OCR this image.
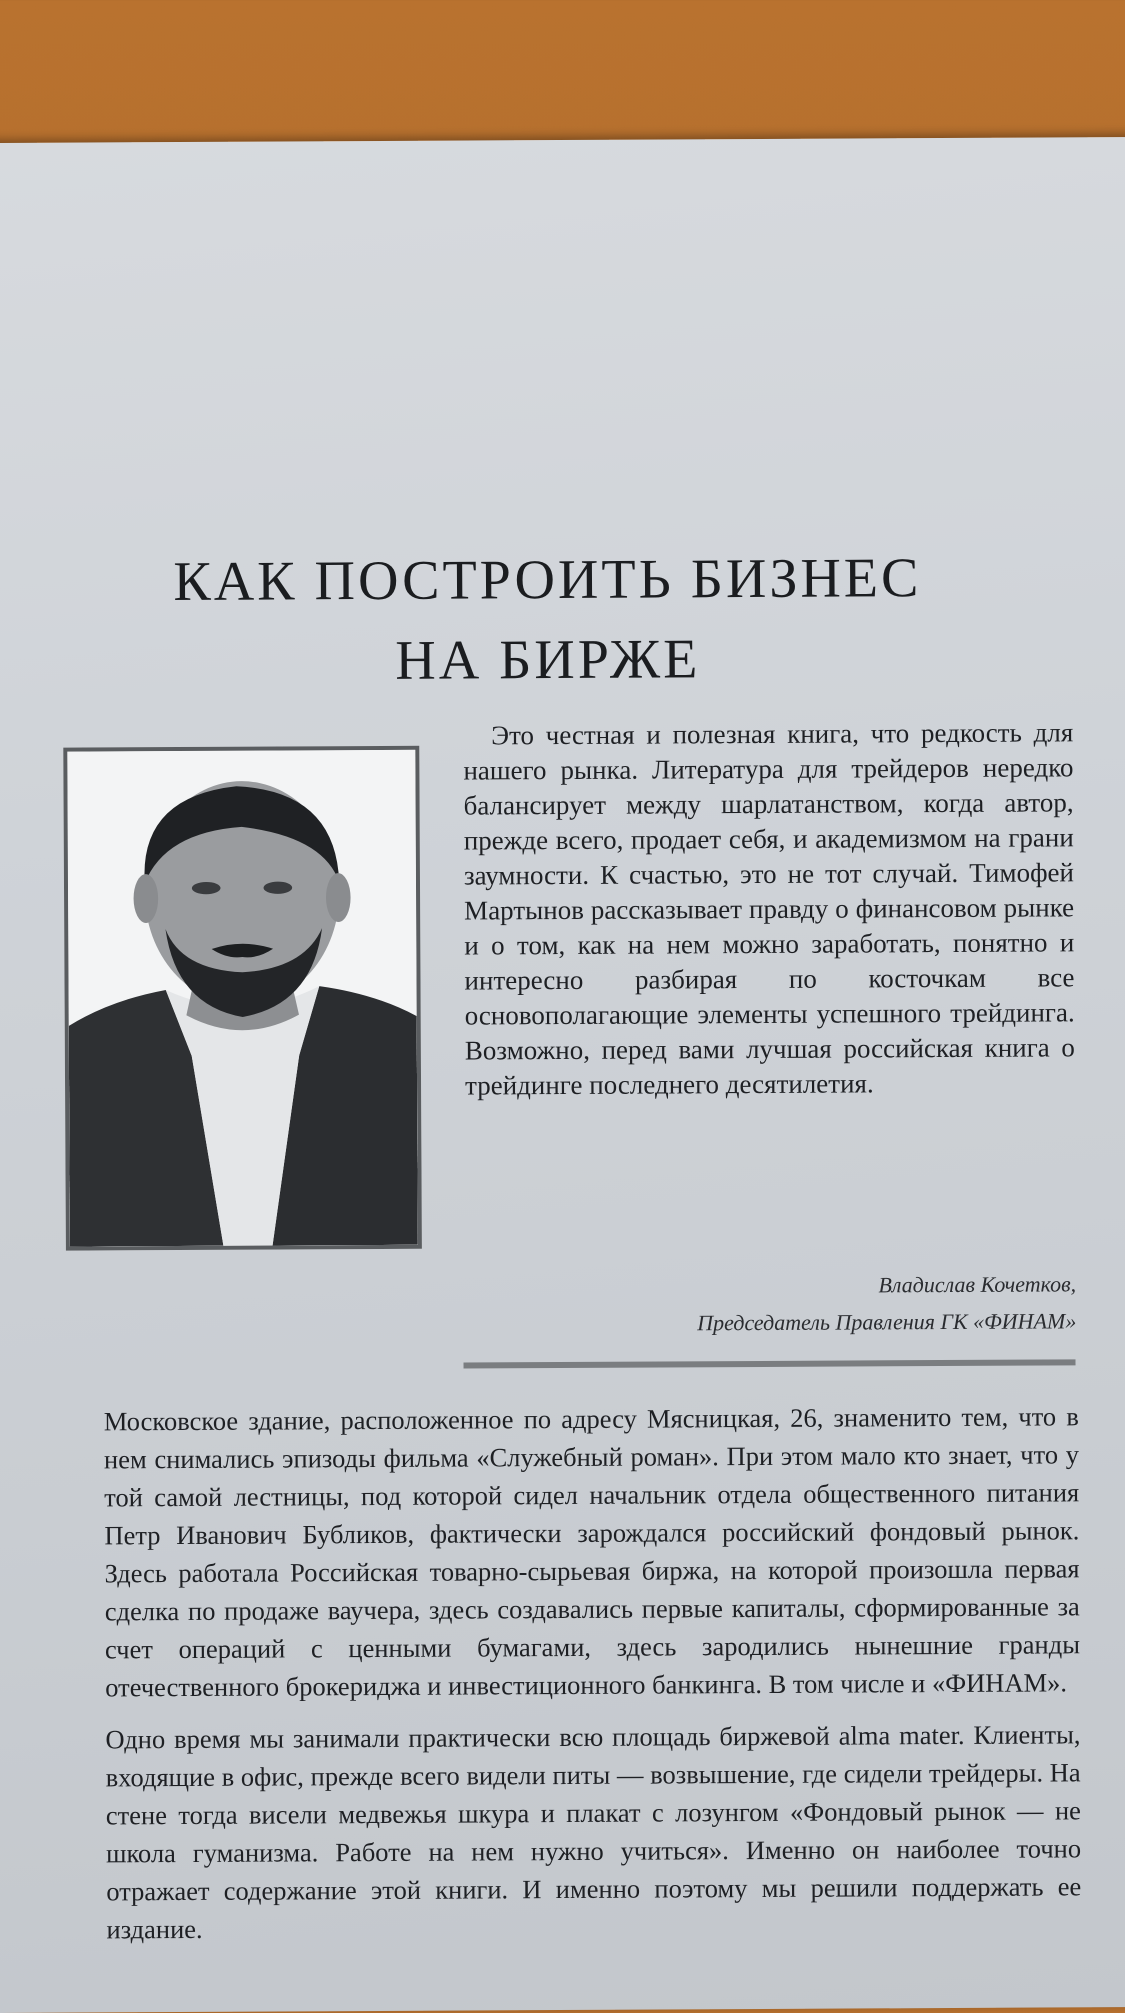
КАК ПОСТРОИТЬ БИЗНЕС
НА БИРЖЕ

Это честная и полезная книга, что редкость для нашего рынка. Литература для трейдеров нередко балансирует между шарлатанством, когда автор, прежде всего, продает себя, и академизмом на грани заумности. К счастью, это не тот случай. Тимофей Мартынов рассказывает правду о финансовом рынке и о том, как на нем можно заработать, понятно и интересно разбирая по косточкам все основополагающие элементы успешного трейдинга. Возможно, перед вами лучшая российская книга о трейдинге последнего десятилетия.

Владислав Кочетков,
Председатель Правления ГК «ФИНАМ»

Московское здание, расположенное по адресу Мясницкая, 26, знаменито тем, что в нем снимались эпизоды фильма «Служебный роман». При этом мало кто знает, что у той самой лестницы, под которой сидел начальник отдела общественного питания Петр Иванович Бубликов, фактически зарождался российский фондовый рынок. Здесь работала Российская товарно-сырьевая биржа, на которой произошла первая сделка по продаже ваучера, здесь создавались первые капиталы, сформированные за счет операций с ценными бумагами, здесь зародились нынешние гранды отечественного брокериджа и инвестиционного банкинга. В том числе и «ФИНАМ».

Одно время мы занимали практически всю площадь биржевой alma mater. Клиенты, входящие в офис, прежде всего видели питы — возвышение, где сидели трейдеры. На стене тогда висели медвежья шкура и плакат с лозунгом «Фондовый рынок — не школа гуманизма. Работе на нем нужно учиться». Именно он наиболее точно отражает содержание этой книги. И именно поэтому мы решили поддержать ее издание.
